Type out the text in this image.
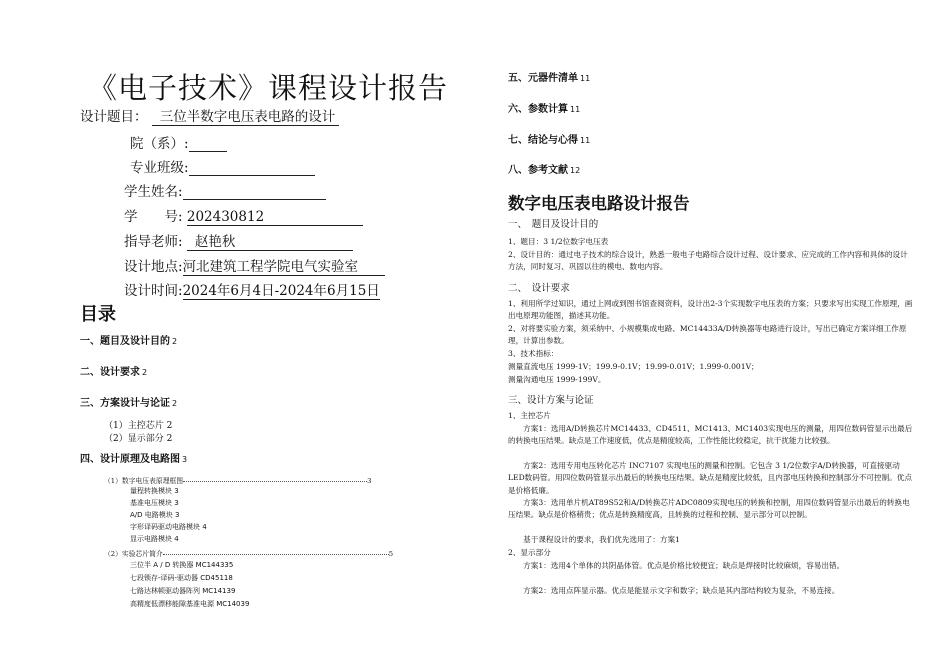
《电子技术》课程设计报告
设计题目： 三位半数字电压表电路的设计
院（系）:
专业班级:
学生姓名:
学　　号: 202430812
指导老师: 赵艳秋
设计地点:河北建筑工程学院电气实验室
设计时间:2024年6月4日-2024年6月15日
目录
一、题目及设计目的 2
二、设计要求 2
三、方案设计与论证 2
（1）主控芯片 2
（2）显示部分 2
四、设计原理及电路图 3
（1）数字电压表原理框图	3
量程转换模块 3
基准电压模块 3
A/D 电路模块 3
字形译码驱动电路模块 4
显示电路模块 4
（2）实验芯片简介	5
三位半 A / D 转换器 MC144335
七段锁存-译码-驱动器 CD45118
七路达林顿驱动器阵列 MC14139
高精度低漂移能隙基准电源 MC14039
五、元器件清单 11
六、参数计算 11
七、结论与心得 11
八、参考文献 12
数字电压表电路设计报告
一、　题目及设计目的
1、题目：3 1/2位数字电压表
2、设计目的：通过电子技术的综合设计，熟悉一般电子电路综合设计过程、设计要求、应完成的工作内容和具体的设计方法，同时复习、巩固以往的模电、数电内容。
二、　设计要求
1、利用所学过知识，通过上网或到图书馆查阅资料，设计出2-3个实现数字电压表的方案；只要求写出实现工作原理，画出电原理功能图，描述其功能。
2、对将要实验方案，须采纳中、小规模集成电路、MC14433A/D转换器等电路进行设计，写出已确定方案详细工作原理，计算出参数。
3、技术指标：
测量直流电压 1999-1V；199.9-0.1V；19.99-0.01V；1.999-0.001V；
测量沟通电压 1999-199V。
三、设计方案与论证
1、主控芯片
　　方案1：选用A/D转换芯片MC14433、CD4511、MC1413、MC1403实现电压的测量，用四位数码管显示出最后的转换电压结果。缺点是工作速度低，优点是精度较高，工作性能比较稳定，抗干扰能力比较强。
　　方案2：选用专用电压转化芯片 INC7107 实现电压的测量和控制。它包含 3 1/2位数字A/D转换器，可直接驱动LED数码管。用四位数码管显示出最后的转换电压结果。缺点是精度比较低，且内部电压转换和控制部分不可控制。优点是价格低廉。
　　方案3：选用单片机AT89S52和A/D转换芯片ADC0809实现电压的转换和控制，用四位数码管显示出最后的转换电压结果。缺点是价格稍贵；优点是转换精度高，且转换的过程和控制、显示部分可以控制。
　　基于课程设计的要求，我们优先选用了：方案1
2、显示部分
　　方案1：选用4个单体的共阴晶体管。优点是价格比较便宜；缺点是焊接时比较麻烦，容易出错。
　　方案2：选用点阵显示器。优点是能显示文字和数字；缺点是其内部结构较为复杂，不易连接。
